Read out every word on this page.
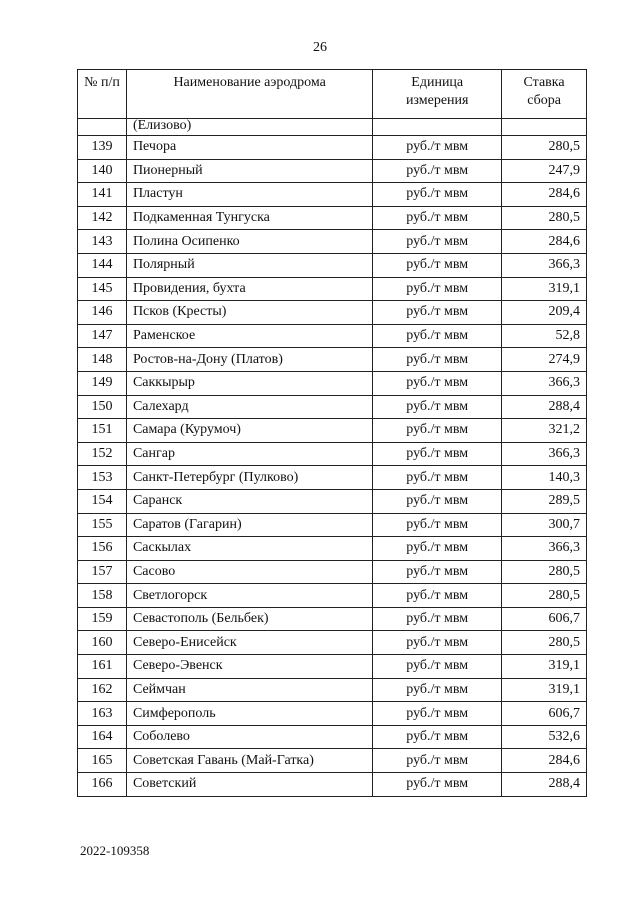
26
№ п/п	Наименование аэродрома	Единица измерения	Ставка сбора
	(Елизово)		
139	Печора	руб./т мвм	280,5
140	Пионерный	руб./т мвм	247,9
141	Пластун	руб./т мвм	284,6
142	Подкаменная Тунгуска	руб./т мвм	280,5
143	Полина Осипенко	руб./т мвм	284,6
144	Полярный	руб./т мвм	366,3
145	Провидения, бухта	руб./т мвм	319,1
146	Псков (Кресты)	руб./т мвм	209,4
147	Раменское	руб./т мвм	52,8
148	Ростов-на-Дону (Платов)	руб./т мвм	274,9
149	Саккырыр	руб./т мвм	366,3
150	Салехард	руб./т мвм	288,4
151	Самара (Курумоч)	руб./т мвм	321,2
152	Сангар	руб./т мвм	366,3
153	Санкт-Петербург (Пулково)	руб./т мвм	140,3
154	Саранск	руб./т мвм	289,5
155	Саратов (Гагарин)	руб./т мвм	300,7
156	Саскылах	руб./т мвм	366,3
157	Сасово	руб./т мвм	280,5
158	Светлогорск	руб./т мвм	280,5
159	Севастополь (Бельбек)	руб./т мвм	606,7
160	Северо-Енисейск	руб./т мвм	280,5
161	Северо-Эвенск	руб./т мвм	319,1
162	Сеймчан	руб./т мвм	319,1
163	Симферополь	руб./т мвм	606,7
164	Соболево	руб./т мвм	532,6
165	Советская Гавань (Май-Гатка)	руб./т мвм	284,6
166	Советский	руб./т мвм	288,4
2022-109358
